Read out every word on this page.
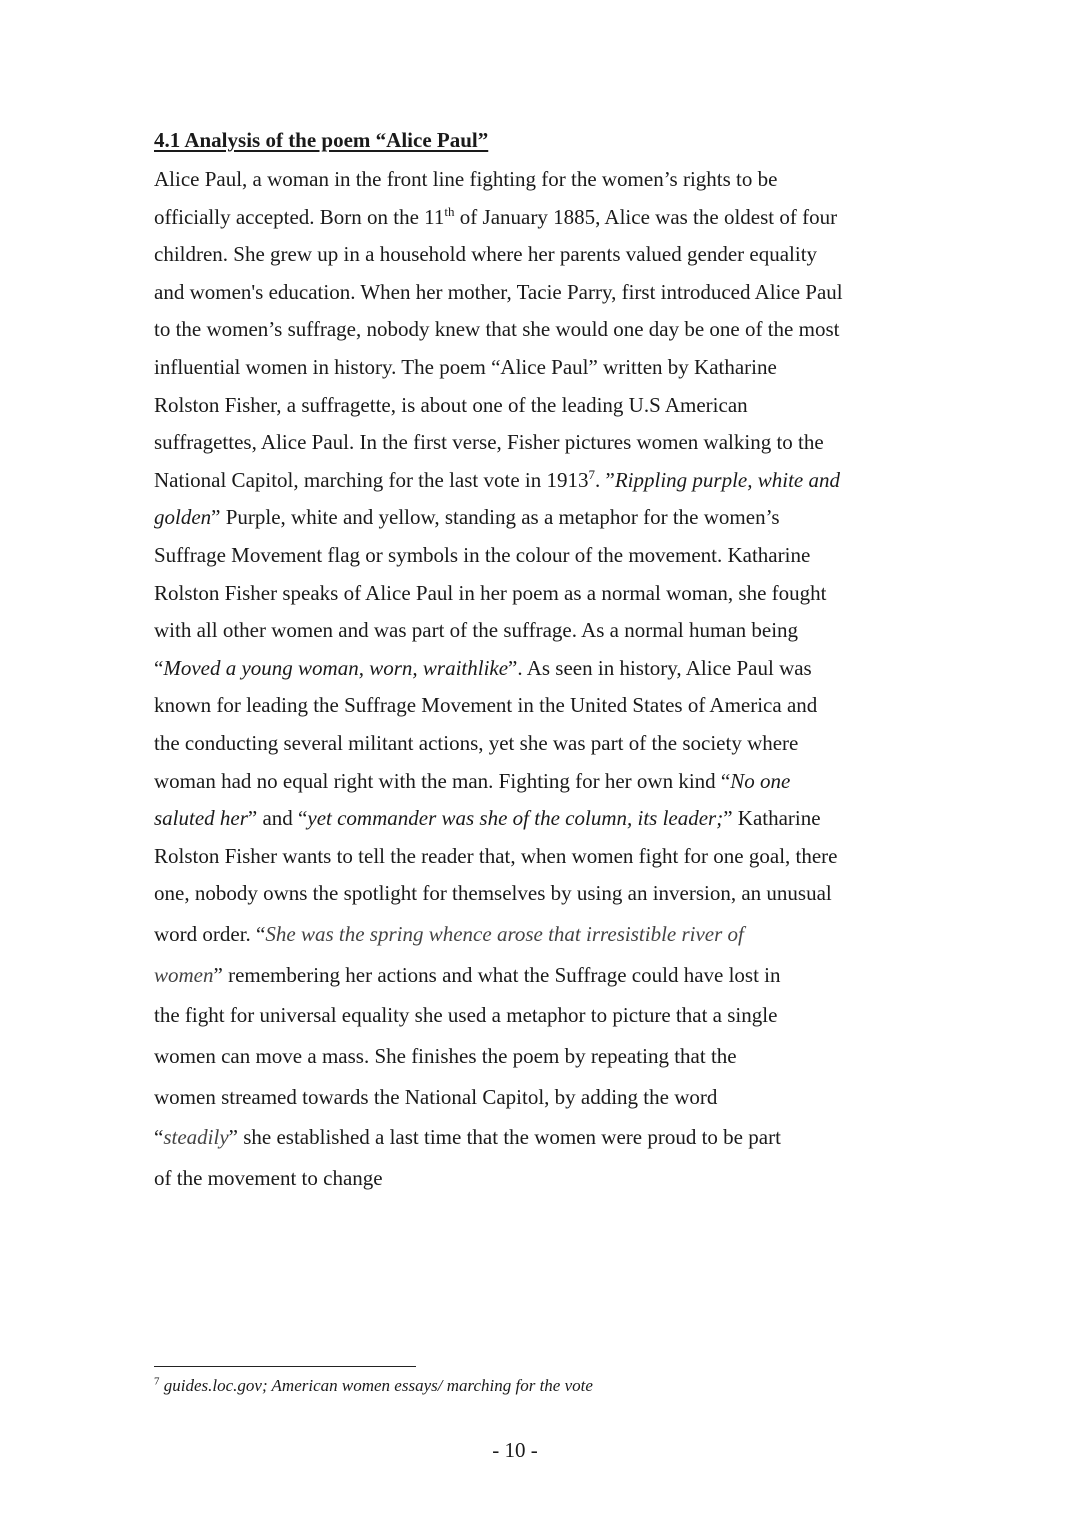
4.1 Analysis of the poem “Alice Paul”
Alice Paul, a woman in the front line fighting for the women’s rights to be
officially accepted. Born on the 11th of January 1885, Alice was the oldest of four
children. She grew up in a household where her parents valued gender equality
and women's education. When her mother, Tacie Parry, first introduced Alice Paul
to the women’s suffrage, nobody knew that she would one day be one of the most
influential women in history. The poem “Alice Paul” written by Katharine
Rolston Fisher, a suffragette, is about one of the leading U.S American
suffragettes, Alice Paul. In the first verse, Fisher pictures women walking to the
National Capitol, marching for the last vote in 1913$^7$. ”Rippling purple, white and
golden” Purple, white and yellow, standing as a metaphor for the women’s
Suffrage Movement flag or symbols in the colour of the movement. Katharine
Rolston Fisher speaks of Alice Paul in her poem as a normal woman, she fought
with all other women and was part of the suffrage. As a normal human being
“Moved a young woman, worn, wraithlike”. As seen in history, Alice Paul was
known for leading the Suffrage Movement in the United States of America and
the conducting several militant actions, yet she was part of the society where
woman had no equal right with the man. Fighting for her own kind “No one
saluted her” and “yet commander was she of the column, its leader;” Katharine
Rolston Fisher wants to tell the reader that, when women fight for one goal, there
one, nobody owns the spotlight for themselves by using an inversion, an unusual
word order. “She was the spring whence arose that irresistible river of
women” remembering her actions and what the Suffrage could have lost in
the fight for universal equality she used a metaphor to picture that a single
women can move a mass. She finishes the poem by repeating that the
women streamed towards the National Capitol, by adding the word
“steadily” she established a last time that the women were proud to be part
of the movement to change
$^7$ guides.loc.gov; American women essays/ marching for the vote
- 10 -
